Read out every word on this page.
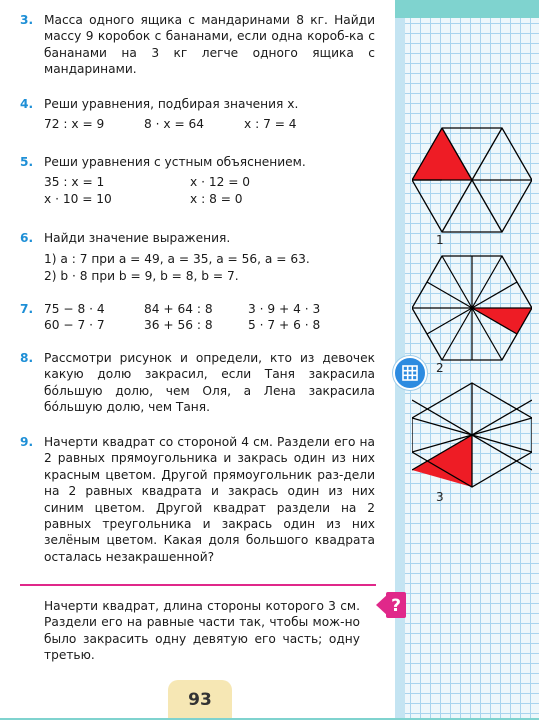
3. Масса одного ящика с мандаринами 8 кг. Найди массу 9 коробок с бананами, если одна короб-ка с бананами на 3 кг легче одного ящика с мандаринами.
4. Реши уравнения, подбирая значения x.
72 : x = 9	8 · x = 64	x : 7 = 4
5. Реши уравнения с устным объяснением.
35 : x = 1	x · 12 = 0
x · 10 = 10	x : 8 = 0
6. Найди значение выражения.
1) a : 7 при a = 49, a = 35, a = 56, a = 63.
2) b · 8 при b = 9, b = 8, b = 7.
7. 75 − 8 · 4	84 + 64 : 8	3 · 9 + 4 · 3
60 − 7 · 7	36 + 56 : 8	5 · 7 + 6 · 8
8. Рассмотри рисунок и определи, кто из девочек какую долю закрасил, если Таня закрасила бóльшую долю, чем Оля, а Лена закрасила бóльшую долю, чем Таня.
9. Начерти квадрат со стороной 4 см. Раздели его на 2 равных прямоугольника и закрась один из них красным цветом. Другой прямоугольник раз-дели на 2 равных квадрата и закрась один из них синим цветом. Другой квадрат раздели на 2 равных треугольника и закрась один из них зелёным цветом. Какая доля большого квадрата осталась незакрашенной?
?
Начерти квадрат, длина стороны которого 3 см. Раздели его на равные части так, чтобы мож-но было закрасить одну девятую его часть; одну третью.
93
1
2
3
